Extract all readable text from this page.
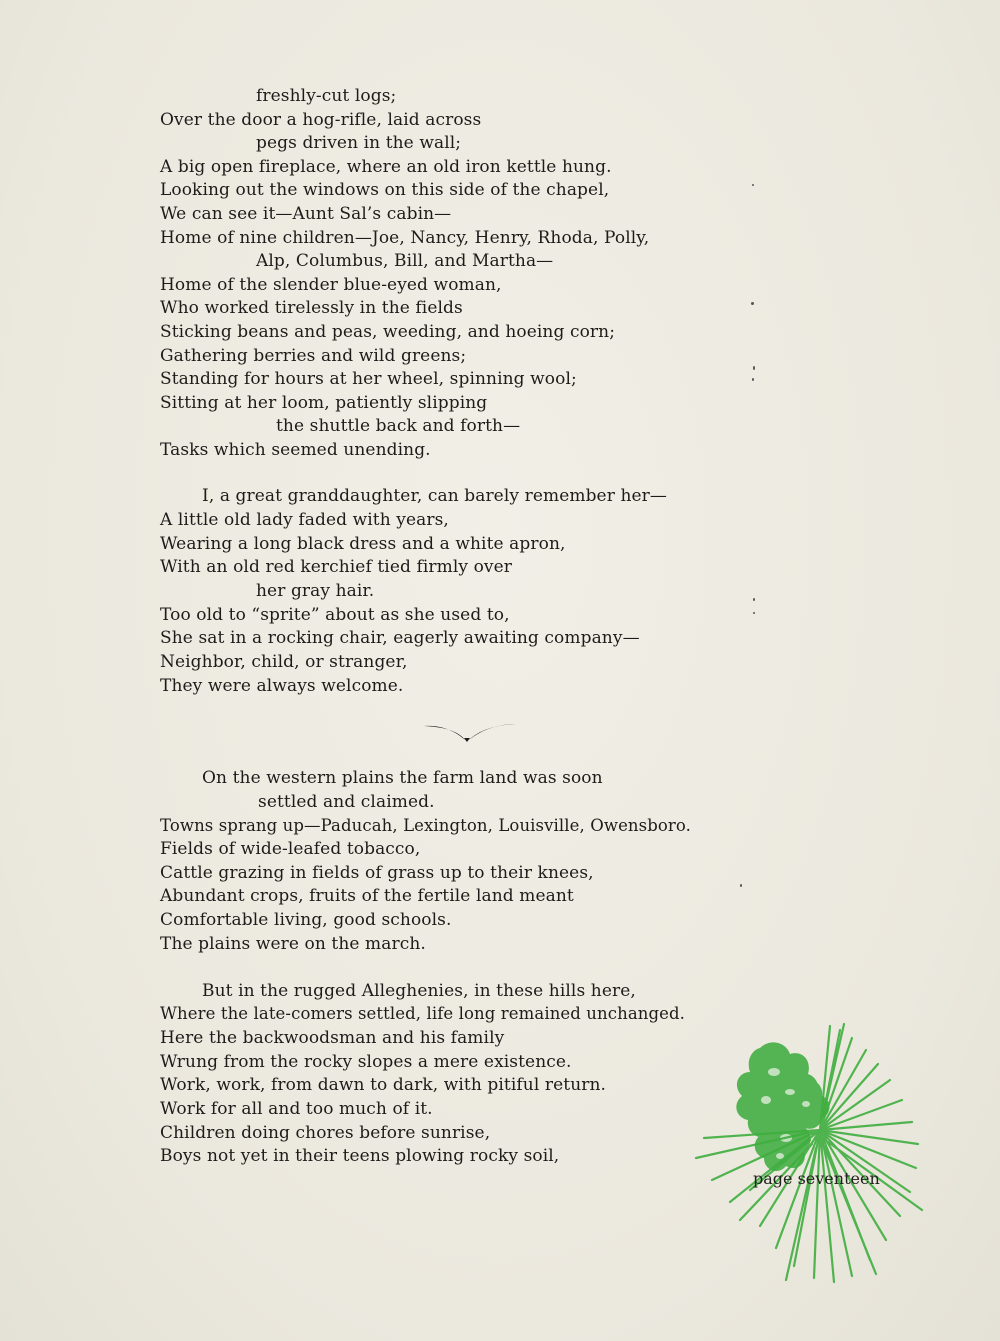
freshly-cut logs;
Over the door a hog-rifle, laid across
pegs driven in the wall;
A big open fireplace, where an old iron kettle hung.
Looking out the windows on this side of the chapel,
We can see it—Aunt Sal’s cabin—
Home of nine children—Joe, Nancy, Henry, Rhoda, Polly,
Alp, Columbus, Bill, and Martha—
Home of the slender blue-eyed woman,
Who worked tirelessly in the fields
Sticking beans and peas, weeding, and hoeing corn;
Gathering berries and wild greens;
Standing for hours at her wheel, spinning wool;
Sitting at her loom, patiently slipping
the shuttle back and forth—
Tasks which seemed unending.
I, a great granddaughter, can barely remember her—
A little old lady faded with years,
Wearing a long black dress and a white apron,
With an old red kerchief tied firmly over
her gray hair.
Too old to “sprite” about as she used to,
She sat in a rocking chair, eagerly awaiting company—
Neighbor, child, or stranger,
They were always welcome.
On the western plains the farm land was soon
settled and claimed.
Towns sprang up—Paducah, Lexington, Louisville, Owensboro.
Fields of wide-leafed tobacco,
Cattle grazing in fields of grass up to their knees,
Abundant crops, fruits of the fertile land meant
Comfortable living, good schools.
The plains were on the march.
But in the rugged Alleghenies, in these hills here,
Where the late-comers settled, life long remained unchanged.
Here the backwoodsman and his family
Wrung from the rocky slopes a mere existence.
Work, work, from dawn to dark, with pitiful return.
Work for all and too much of it.
Children doing chores before sunrise,
Boys not yet in their teens plowing rocky soil,
page seventeen
